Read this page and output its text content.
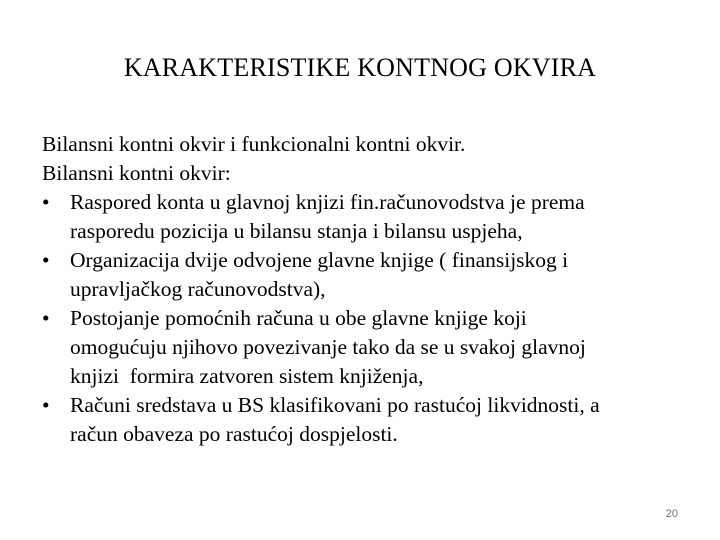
KARAKTERISTIKE KONTNOG OKVIRA
Bilansni kontni okvir i funkcionalni kontni okvir.
Bilansni kontni okvir:
• Raspored konta u glavnoj knjizi fin.računovodstva je prema
rasporedu pozicija u bilansu stanja i bilansu uspjeha,
• Organizacija dvije odvojene glavne knjige ( finansijskog i
upravljačkog računovodstva),
• Postojanje pomoćnih računa u obe glavne knjige koji
omogućuju njihovo povezivanje tako da se u svakoj glavnoj
knjizi  formira zatvoren sistem knjiženja,
• Računi sredstava u BS klasifikovani po rastućoj likvidnosti, a
račun obaveza po rastućoj dospjelosti.
20
